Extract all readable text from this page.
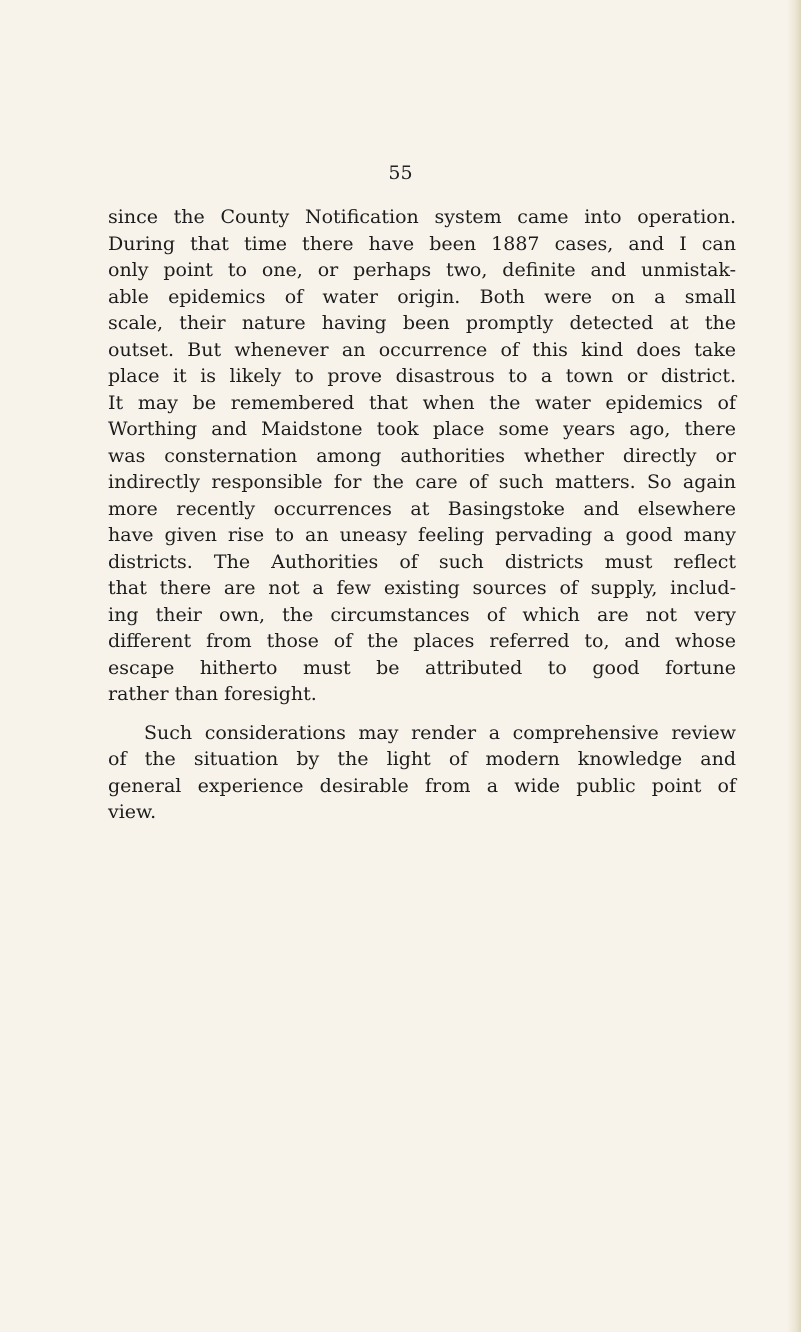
55

since the County Notification system came into operation.
During that time there have been 1887 cases, and I can
only point to one, or perhaps two, definite and unmistak-
able epidemics of water origin. Both were on a small
scale, their nature having been promptly detected at the
outset. But whenever an occurrence of this kind does take
place it is likely to prove disastrous to a town or district.
It may be remembered that when the water epidemics of
Worthing and Maidstone took place some years ago, there
was consternation among authorities whether directly or
indirectly responsible for the care of such matters. So again
more recently occurrences at Basingstoke and elsewhere
have given rise to an uneasy feeling pervading a good many
districts. The Authorities of such districts must reflect
that there are not a few existing sources of supply, includ-
ing their own, the circumstances of which are not very
different from those of the places referred to, and whose
escape hitherto must be attributed to good fortune
rather than foresight.
Such considerations may render a comprehensive review
of the situation by the light of modern knowledge and
general experience desirable from a wide public point of
view.
